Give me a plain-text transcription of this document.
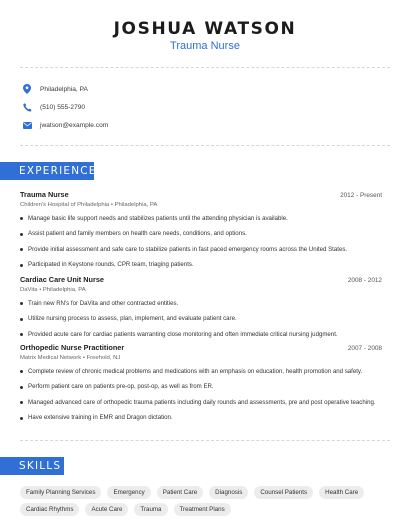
JOSHUA WATSON
Trauma Nurse
Philadelphia, PA
(510) 555-2790
jwatson@example.com
EXPERIENCE
Trauma Nurse	2012 - Present
Children's Hospital of Philadelphia • Philadelphia, PA
Manage basic life support needs and stabilizes patients until the attending physician is available.
Assist patient and family members on health care needs, conditions, and options.
Provide initial assessment and safe care to stabilize patients in fast paced emergency rooms across the United States.
Participated in Keystone rounds, CPR team, triaging patients.
Cardiac Care Unit Nurse	2008 - 2012
DaVita • Philadelphia, PA
Train new RN's for DaVita and other contracted entities.
Utilize nursing process to assess, plan, implement, and evaluate patient care.
Provided acute care for cardiac patients warranting close monitoring and often immediate critical nursing judgment.
Orthopedic Nurse Practitioner	2007 - 2008
Matrix Medical Network • Freehold, NJ
Complete review of chronic medical problems and medications with an emphasis on education, health promotion and safety.
Perform patient care on patients pre-op, post-op, as well as from ER.
Managed advanced care of orthopedic trauma patients including daily rounds and assessments, pre and post operative teaching.
Have extensive training in EMR and Dragon dictation.
SKILLS
Family Planning Services	Emergency	Patient Care	Diagnosis	Counsel Patients	Health Care
Cardiac Rhythms	Acute Care	Trauma	Treatment Plans
